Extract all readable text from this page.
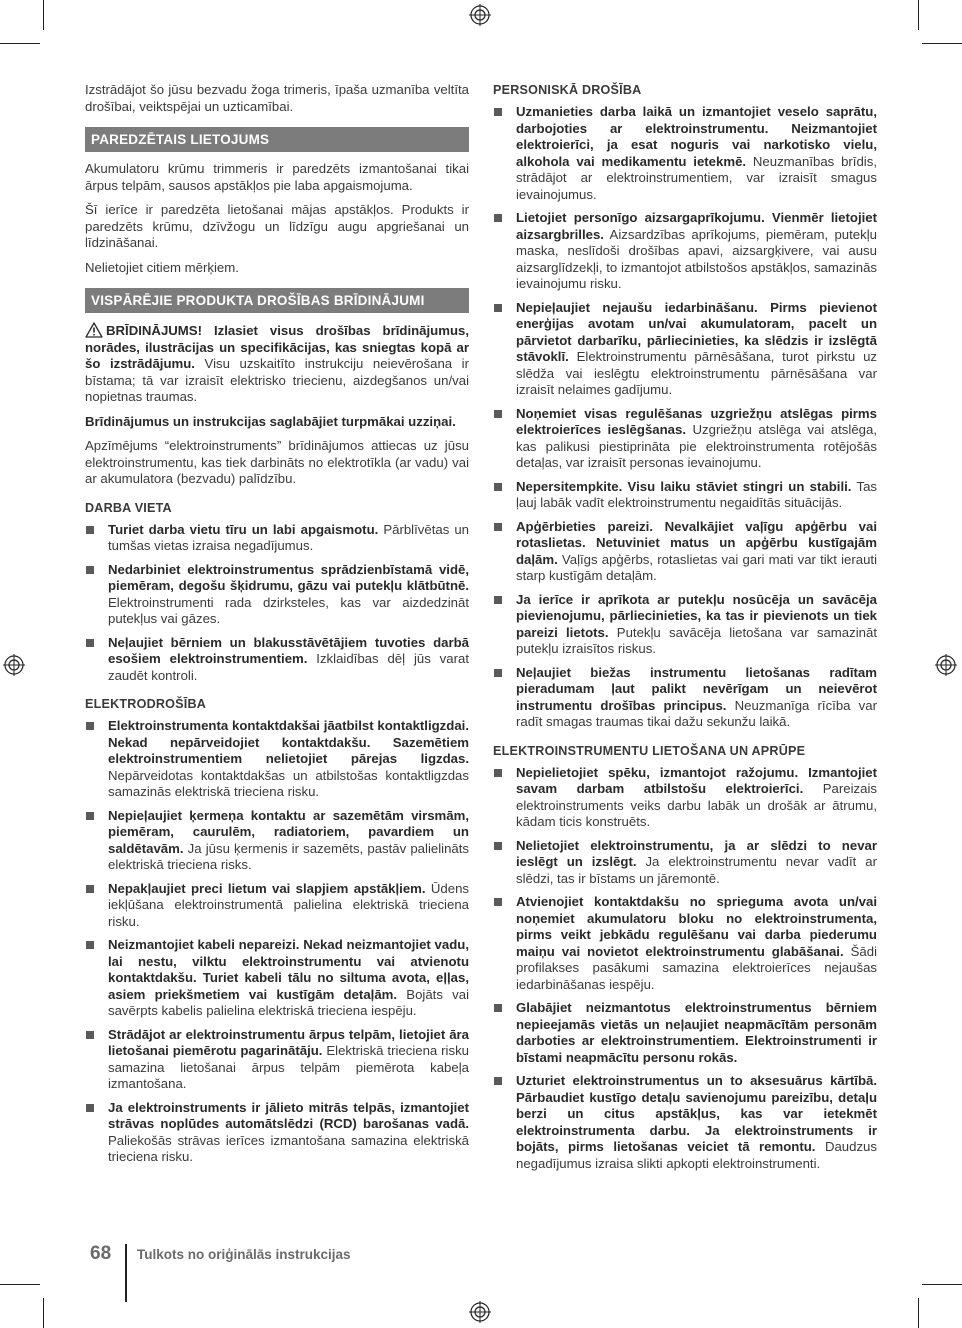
Izstrādājot šo jūsu bezvadu žoga trimeris, īpaša uzmanība veltīta drošībai, veiktspējai un uzticamībai.

PAREDZĒTAIS LIETOJUMS

Akumulatoru krūmu trimmeris ir paredzēts izmantošanai tikai ārpus telpām, sausos apstākļos pie laba apgaismojuma.

Šī ierīce ir paredzēta lietošanai mājas apstākļos. Produkts ir paredzēts krūmu, dzīvžogu un līdzīgu augu apgriešanai un līdzināšanai.

Nelietojiet citiem mērķiem.

VISPĀRĒJIE PRODUKTA DROŠĪBAS BRĪDINĀJUMI

BRĪDINĀJUMS! Izlasiet visus drošības brīdinājumus, norādes, ilustrācijas un specifikācijas, kas sniegtas kopā ar šo izstrādājumu. Visu uzskaitīto instrukciju neievērošana ir bīstama; tā var izraisīt elektrisko triecienu, aizdegšanos un/vai nopietnas traumas.

Brīdinājumus un instrukcijas saglabājiet turpmākai uzziņai.

Apzīmējums “elektroinstruments” brīdinājumos attiecas uz jūsu elektroinstrumentu, kas tiek darbināts no elektrotīkla (ar vadu) vai ar akumulatora (bezvadu) palīdzību.

DARBA VIETA
Turiet darba vietu tīru un labi apgaismotu. Pārblīvētas un tumšas vietas izraisa negadījumus.
Nedarbiniet elektroinstrumentus sprādzienbīstamā vidē, piemēram, degošu šķidrumu, gāzu vai putekļu klātbūtnē. Elektroinstrumenti rada dzirksteles, kas var aizdedzināt putekļus vai gāzes.
Neļaujiet bērniem un blakusstāvētājiem tuvoties darbā esošiem elektroinstrumentiem. Izklaidības dēļ jūs varat zaudēt kontroli.
ELEKTRODROŠĪBA
Elektroinstrumenta kontaktdakšai jāatbilst kontaktligzdai. Nekad nepārveidojiet kontaktdakšu. Sazemētiem elektroinstrumentiem nelietojiet pārejas ligzdas. Nepārveidotas kontaktdakšas un atbilstošas kontaktligzdas samazinās elektriskā trieciena risku.
Nepieļaujiet ķermeņa kontaktu ar sazemētām virsmām, piemēram, caurulēm, radiatoriem, pavardiem un saldētavām. Ja jūsu ķermenis ir sazemēts, pastāv palielināts elektriskā trieciena risks.
Nepakļaujiet preci lietum vai slapjiem apstākļiem. Ūdens iekļūšana elektroinstrumentā palielina elektriskā trieciena risku.
Neizmantojiet kabeli nepareizi. Nekad neizmantojiet vadu, lai nestu, vilktu elektroinstrumentu vai atvienotu kontaktdakšu. Turiet kabeli tālu no siltuma avota, eļļas, asiem priekšmetiem vai kustīgām detaļām. Bojāts vai savērpts kabelis palielina elektriskā trieciena iespēju.
Strādājot ar elektroinstrumentu ārpus telpām, lietojiet āra lietošanai piemērotu pagarinātāju. Elektriskā trieciena risku samazina lietošanai ārpus telpām piemērota kabeļa izmantošana.
Ja elektroinstruments ir jālieto mitrās telpās, izmantojiet strāvas noplūdes automātslēdzi (RCD) barošanas vadā. Paliekošās strāvas ierīces izmantošana samazina elektriskā trieciena risku.
PERSONISKĀ DROŠĪBA
Uzmanieties darba laikā un izmantojiet veselo saprātu, darbojoties ar elektroinstrumentu. Neizmantojiet elektroierīci, ja esat noguris vai narkotisko vielu, alkohola vai medikamentu ietekmē. Neuzmanības brīdis, strādājot ar elektroinstrumentiem, var izraisīt smagus ievainojumus.
Lietojiet personīgo aizsargaprīkojumu. Vienmēr lietojiet aizsargbrilles. Aizsardzības aprīkojums, piemēram, putekļu maska, neslīdoši drošības apavi, aizsargķivere, vai ausu aizsarglīdzekļi, to izmantojot atbilstošos apstākļos, samazinās ievainojumu risku.
Nepieļaujiet nejaušu iedarbināšanu. Pirms pievienot enerģijas avotam un/vai akumulatoram, pacelt un pārvietot darbarīku, pārliecinieties, ka slēdzis ir izslēgtā stāvoklī. Elektroinstrumentu pārnēsāšana, turot pirkstu uz slēdža vai ieslēgtu elektroinstrumentu pārnēsāšana var izraisīt nelaimes gadījumu.
Noņemiet visas regulēšanas uzgriežņu atslēgas pirms elektroierīces ieslēgšanas. Uzgriežņu atslēga vai atslēga, kas palikusi piestiprināta pie elektroinstrumenta rotējošās detaļas, var izraisīt personas ievainojumu.
Nepersitempkite. Visu laiku stāviet stingri un stabili. Tas ļauj labāk vadīt elektroinstrumentu negaidītās situācijās.
Apģērbieties pareizi. Nevalkājiet vaļīgu apģērbu vai rotaslietas. Netuviniet matus un apģērbu kustīgajām daļām. Vaļīgs apģērbs, rotaslietas vai gari mati var tikt ierauti starp kustīgām detaļām.
Ja ierīce ir aprīkota ar putekļu nosūcēja un savācēja pievienojumu, pārliecinieties, ka tas ir pievienots un tiek pareizi lietots. Putekļu savācēja lietošana var samazināt putekļu izraisītos riskus.
Neļaujiet biežas instrumentu lietošanas radītam pieradumam ļaut palikt nevērīgam un neievērot instrumentu drošības principus. Neuzmanīga rīcība var radīt smagas traumas tikai dažu sekunžu laikā.
ELEKTROINSTRUMENTU LIETOŠANA UN APRŪPE
Nepielietojiet spēku, izmantojot ražojumu. Izmantojiet savam darbam atbilstošu elektroierīci. Pareizais elektroinstruments veiks darbu labāk un drošāk ar ātrumu, kādam ticis konstruēts.
Nelietojiet elektroinstrumentu, ja ar slēdzi to nevar ieslēgt un izslēgt. Ja elektroinstrumentu nevar vadīt ar slēdzi, tas ir bīstams un jāremontē.
Atvienojiet kontaktdakšu no sprieguma avota un/vai noņemiet akumulatoru bloku no elektroinstrumenta, pirms veikt jebkādu regulēšanu vai darba piederumu maiņu vai novietot elektroinstrumentu glabāšanai. Šādi profilakses pasākumi samazina elektroierīces nejaušas iedarbināšanas iespēju.
Glabājiet neizmantotus elektroinstrumentus bērniem nepieejamās vietās un neļaujiet neapmācītām personām darboties ar elektroinstrumentiem. Elektroinstrumenti ir bīstami neapmācītu personu rokās.
Uzturiet elektroinstrumentus un to aksesuārus kārtībā. Pārbaudiet kustīgo detaļu savienojumu pareizību, detaļu berzi un citus apstākļus, kas var ietekmēt elektroinstrumenta darbu. Ja elektroinstruments ir bojāts, pirms lietošanas veiciet tā remontu. Daudzus negadījumus izraisa slikti apkopti elektroinstrumenti.
68 Tulkots no oriģinālās instrukcijas
